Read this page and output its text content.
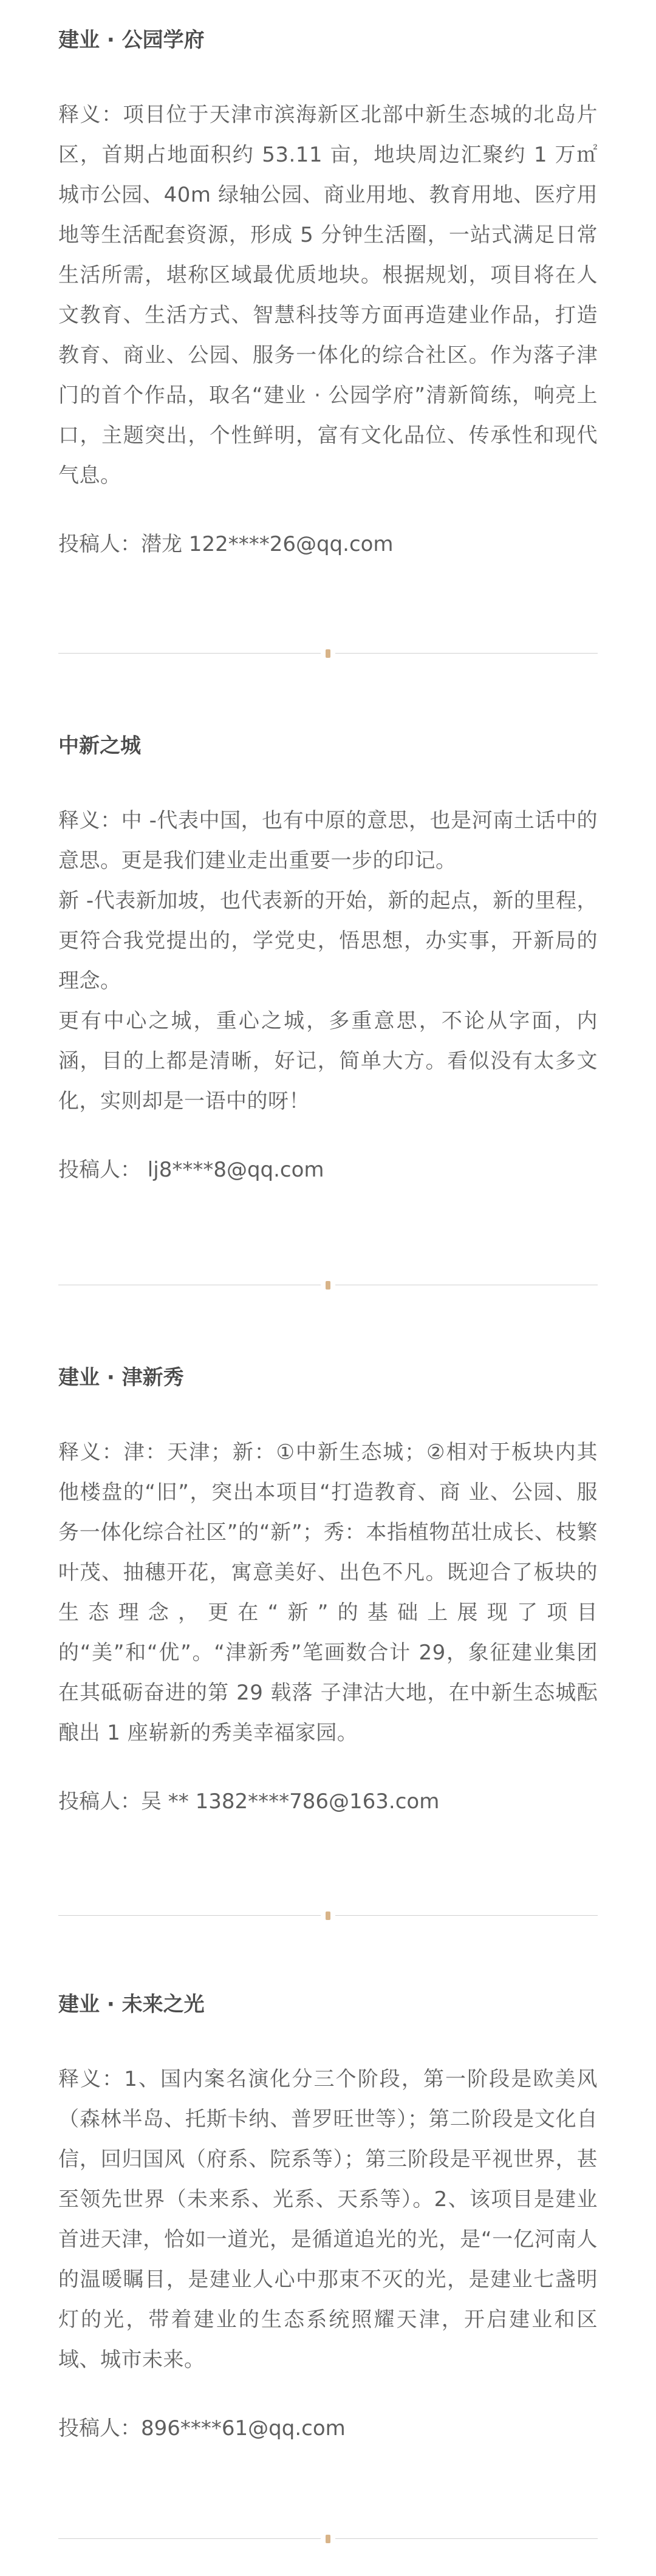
建业 · 公园学府

释义：项目位于天津市滨海新区北部中新生态城的北岛片区，首期占地面积约 53.11 亩，地块周边汇聚约 1 万㎡城市公园、40m 绿轴公园、商业用地、教育用地、医疗用地等生活配套资源，形成 5 分钟生活圈，一站式满足日常生活所需，堪称区域最优质地块。根据规划，项目将在人文教育、生活方式、智慧科技等方面再造建业作品，打造教育、商业、公园、服务一体化的综合社区。作为落子津门的首个作品，取名“建业 · 公园学府”清新简练，响亮上口，主题突出，个性鲜明，富有文化品位、传承性和现代气息。

投稿人：潜龙 122****26@qq.com
中新之城

释义：中 -代表中国，也有中原的意思，也是河南土话中的意思。更是我们建业走出重要一步的印记。

新 -代表新加坡，也代表新的开始，新的起点，新的里程，更符合我党提出的，学党史，悟思想，办实事，开新局的理念。

更有中心之城，重心之城，多重意思，不论从字面，内涵，目的上都是清晰，好记，简单大方。看似没有太多文化，实则却是一语中的呀！

投稿人： lj8****8@qq.com
建业 · 津新秀

释义：津：天津；新：①中新生态城；②相对于板块内其他楼盘的“旧”，突出本项目“打造教育、商 业、公园、服务一体化综合社区”的“新”；秀：本指植物茁壮成长、枝繁叶茂、抽穗开花，寓意美好、出色不凡。既迎合了板块的生态理念，更在“新”的基础上展现了项目的“美”和“优”。“津新秀”笔画数合计 29，象征建业集团在其砥砺奋进的第 29 载落 子津沽大地，在中新生态城酝酿出 1 座崭新的秀美幸福家园。

投稿人：吴 ** 1382****786@163.com
建业 · 未来之光

释义：1、国内案名演化分三个阶段，第一阶段是欧美风（森林半岛、托斯卡纳、普罗旺世等）；第二阶段是文化自信，回归国风（府系、院系等）；第三阶段是平视世界，甚至领先世界（未来系、光系、天系等）。2、该项目是建业首进天津，恰如一道光，是循道追光的光，是“一亿河南人的温暖瞩目，是建业人心中那束不灭的光，是建业七盏明灯的光，带着建业的生态系统照耀天津，开启建业和区域、城市未来。

投稿人：896****61@qq.com
